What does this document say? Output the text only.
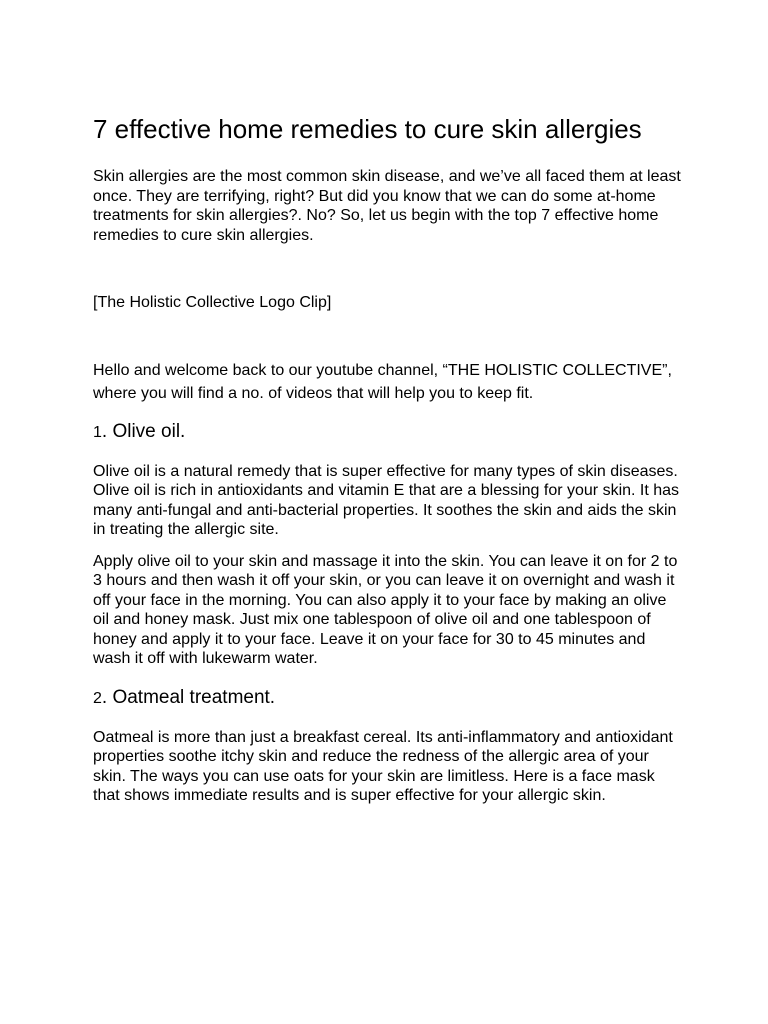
7 effective home remedies to cure skin allergies

Skin allergies are the most common skin disease, and we’ve all faced them at least once. They are terrifying, right? But did you know that we can do some at-home treatments for skin allergies?. No? So, let us begin with the top 7 effective home remedies to cure skin allergies.

[The Holistic Collective Logo Clip]

Hello and welcome back to our youtube channel, “THE HOLISTIC COLLECTIVE”, where you will find a no. of videos that will help you to keep fit.

1. Olive oil.

Olive oil is a natural remedy that is super effective for many types of skin diseases. Olive oil is rich in antioxidants and vitamin E that are a blessing for your skin. It has many anti-fungal and anti-bacterial properties. It soothes the skin and aids the skin in treating the allergic site.

Apply olive oil to your skin and massage it into the skin. You can leave it on for 2 to 3 hours and then wash it off your skin, or you can leave it on overnight and wash it off your face in the morning. You can also apply it to your face by making an olive oil and honey mask. Just mix one tablespoon of olive oil and one tablespoon of honey and apply it to your face. Leave it on your face for 30 to 45 minutes and wash it off with lukewarm water.

2. Oatmeal treatment.

Oatmeal is more than just a breakfast cereal. Its anti-inflammatory and antioxidant properties soothe itchy skin and reduce the redness of the allergic area of your skin. The ways you can use oats for your skin are limitless. Here is a face mask that shows immediate results and is super effective for your allergic skin.
